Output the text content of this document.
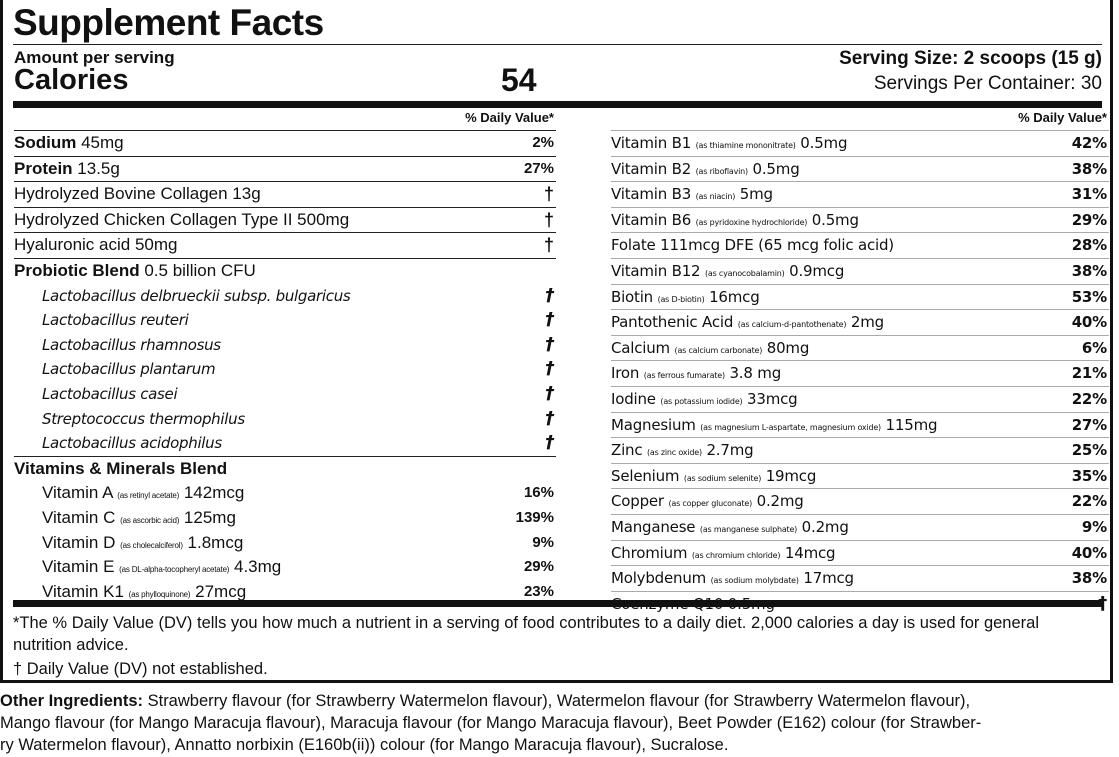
Supplement Facts
Amount per serving
Calories	54
Serving Size: 2 scoops (15 g)
Servings Per Container: 30
% Daily Value*
Sodium 45mg	2%
Protein 13.5g	27%
Hydrolyzed Bovine Collagen 13g	†
Hydrolyzed Chicken Collagen Type II 500mg	†
Hyaluronic acid 50mg	†
Probiotic Blend 0.5 billion CFU
Lactobacillus delbrueckii subsp. bulgaricus	†
Lactobacillus reuteri	†
Lactobacillus rhamnosus	†
Lactobacillus plantarum	†
Lactobacillus casei	†
Streptococcus thermophilus	†
Lactobacillus acidophilus	†
Vitamins & Minerals Blend
Vitamin A (as retinyl acetate) 142mcg	16%
Vitamin C (as ascorbic acid) 125mg	139%
Vitamin D (as cholecalciferol) 1.8mcg	9%
Vitamin E (as DL-alpha-tocopheryl acetate) 4.3mg	29%
Vitamin K1 (as phylloquinone) 27mcg	23%
% Daily Value*
Vitamin B1 (as thiamine mononitrate) 0.5mg	42%
Vitamin B2 (as riboflavin) 0.5mg	38%
Vitamin B3 (as niacin) 5mg	31%
Vitamin B6 (as pyridoxine hydrochloride) 0.5mg	29%
Folate 111mcg DFE (65 mcg folic acid)	28%
Vitamin B12 (as cyanocobalamin) 0.9mcg	38%
Biotin (as D-biotin) 16mcg	53%
Pantothenic Acid (as calcium-d-pantothenate) 2mg	40%
Calcium (as calcium carbonate) 80mg	6%
Iron (as ferrous fumarate) 3.8 mg	21%
Iodine (as potassium iodide) 33mcg	22%
Magnesium (as magnesium L-aspartate, magnesium oxide) 115mg	27%
Zinc (as zinc oxide) 2.7mg	25%
Selenium (as sodium selenite) 19mcg	35%
Copper (as copper gluconate) 0.2mg	22%
Manganese (as manganese sulphate) 0.2mg	9%
Chromium (as chromium chloride) 14mcg	40%
Molybdenum (as sodium molybdate) 17mcg	38%
Coenzyme Q10 0.5mg	†
*The % Daily Value (DV) tells you how much a nutrient in a serving of food contributes to a daily diet. 2,000 calories a day is used for general nutrition advice.
† Daily Value (DV) not established.
Other Ingredients: Strawberry flavour (for Strawberry Watermelon flavour), Watermelon flavour (for Strawberry Watermelon flavour),
Mango flavour (for Mango Maracuja flavour), Maracuja flavour (for Mango Maracuja flavour), Beet Powder (E162) colour (for Strawber-
ry Watermelon flavour), Annatto norbixin (E160b(ii)) colour (for Mango Maracuja flavour), Sucralose.
